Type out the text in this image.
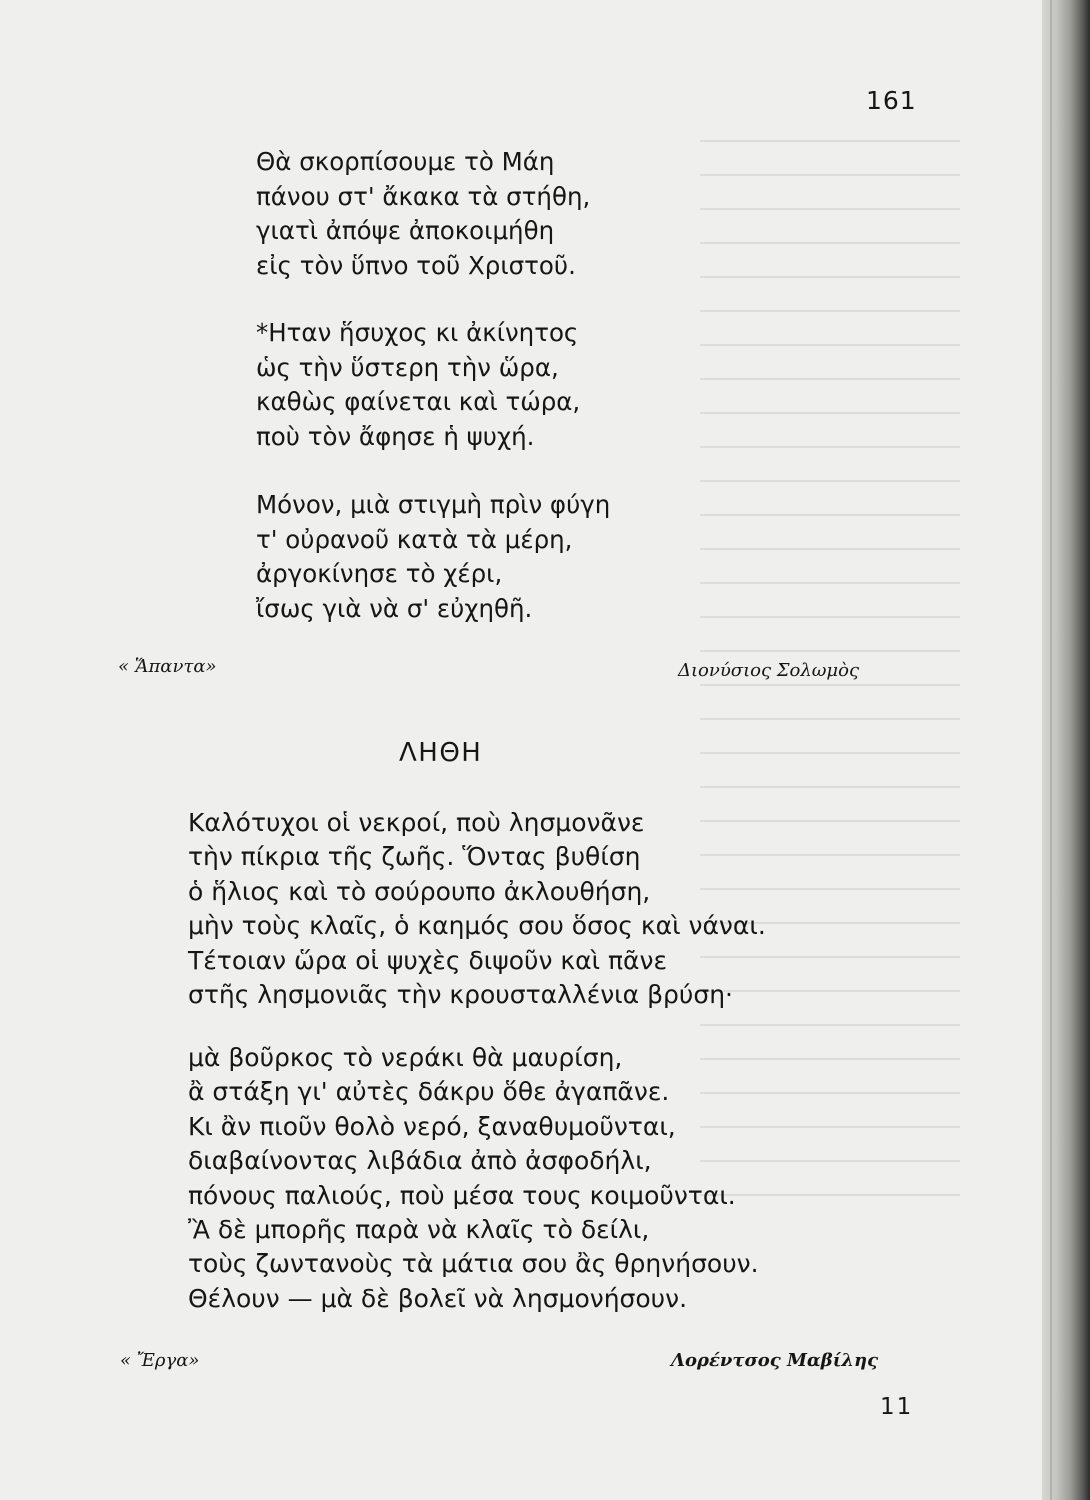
161
Θὰ σκορπίσουμε τὸ Μάη
πάνου στ' ἄκακα τὰ στήθη,
γιατὶ ἀπόψε ἀποκοιμήθη
εἰς τὸν ὕπνο τοῦ Χριστοῦ.
*Ηταν ἥσυχος κι ἀκίνητος
ὡς τὴν ὕστερη τὴν ὥρα,
καθὼς φαίνεται καὶ τώρα,
ποὺ τὸν ἄφησε ἡ ψυχή.
Μόνον, μιὰ στιγμὴ πρὶν φύγη
τ' οὐρανοῦ κατὰ τὰ μέρη,
ἀργοκίνησε τὸ χέρι,
ἴσως γιὰ νὰ σ' εὐχηθῆ.
« Ἅπαντα»	Διονύσιος Σολωμὸς
ΛΗΘΗ
Καλότυχοι οἱ νεκροί, ποὺ λησμονᾶνε
τὴν πίκρια τῆς ζωῆς. Ὅντας βυθίση
ὁ ἥλιος καὶ τὸ σούρουπο ἀκλουθήση,
μὴν τοὺς κλαῖς, ὁ καημός σου ὅσος καὶ νάναι.
Τέτοιαν ὥρα οἱ ψυχὲς διψοῦν καὶ πᾶνε
στῆς λησμονιᾶς τὴν κρουσταλλένια βρύση·
μὰ βοῦρκος τὸ νεράκι θὰ μαυρίση,
ἂ στάξη γι' αὐτὲς δάκρυ ὅθε ἀγαπᾶνε.
Κι ἂν πιοῦν θολὸ νερό, ξαναθυμοῦνται,
διαβαίνοντας λιβάδια ἀπὸ ἀσφοδήλι,
πόνους παλιούς, ποὺ μέσα τους κοιμοῦνται.
Ἂ δὲ μπορῆς παρὰ νὰ κλαῖς τὸ δείλι,
τοὺς ζωντανοὺς τὰ μάτια σου ἂς θρηνήσουν.
Θέλουν — μὰ δὲ βολεῖ νὰ λησμονήσουν.
« Ἔργα»	Λορέντσος Μαβίλης
11
